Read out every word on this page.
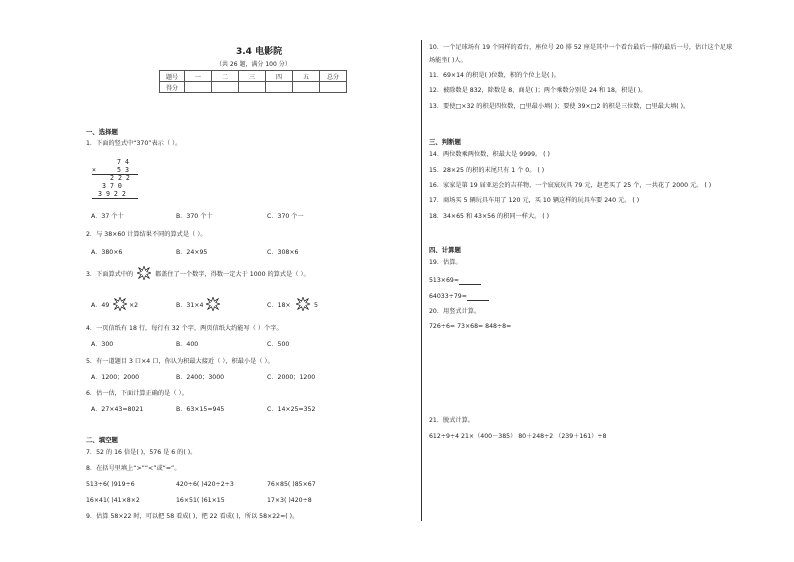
3.4 电影院
（共 26 题，满分 100 分）
题号	一	二	三	四	五	总分
得分						
一、选择题
1．下面的竖式中“370”表示（ ）。
7 4
×	5 3
2 2 2
3 7 0
3 9 2 2
A．37 个十	B．370 个十	C．370 个一
2．与 38×60 计算结果不同的算式是（ ）。
A．380×6	B．24×95	C．308×6
3．下面算式中的	都盖住了一个数字，得数一定大于 1000 的算式是（ ）。
A．49	×2	B．31×4	C．18×	5
4．一页信纸有 18 行，每行有 32 个字，两页信纸大约能写（ ）个字。
A．300	B．400	C．500
5．有一道题目 3 口×4 口，你认为积最大接近（ ），积最小是（ ）。
A．1200；2000	B．2400；3000	C．2000；1200
6．估一估，下面计算正确的是（ ）。
A．27×43=8021	B．63×15=945	C．14×25=352
二、填空题
7．52 的 16 倍是( )，576 是 6 的( )。
8．在括号里填上“>”“<”或“=”。
513÷6( )919÷6	420÷6( )420÷2÷3	76×85( )85×67
16×41( )41×8×2	16×51( )61×15	17×3( )420÷8
9．估算 58×22 时，可以把 58 看成( )，把 22 看成( )，所以 58×22≈( )。
10．一个足球场有 19 个同样的看台，座位号 20 排 52 座是其中一个看台最后一排的最后一号，估计这个足球
场能坐( )人。
11．69×14 的积是( )位数，积的个位上是( )。
12．被除数是 832，除数是 8，商是( )；两个乘数分别是 24 和 18，积是( )。
13．要使□×32 的积是四位数，□里最小填( )；要使 39×□2 的积是三位数，□里最大填( )。
三、判断题
14．两位数乘两位数，积最大是 9999。 ( )
15．28×25 的积的末尾只有 1 个 0。 ( )
16．家家是第 19 届亚运会的吉祥物，一个宸宸玩具 79 元，赵老买了 25 个，一共花了 2000 元。 ( )
17．商场买 5 辆玩具车用了 120 元，买 10 辆这样的玩具车要 240 元。 ( )
18．34×65 和 43×56 的积同一样大。 ( )
四、计算题
19．估算。
513×69≈
64033÷79≈
20．用竖式计算。
726÷6= 73×68= 848÷8=
21．脱式计算。
612÷9÷4 21×（400－385） 80＋248÷2 （239＋161）÷8
